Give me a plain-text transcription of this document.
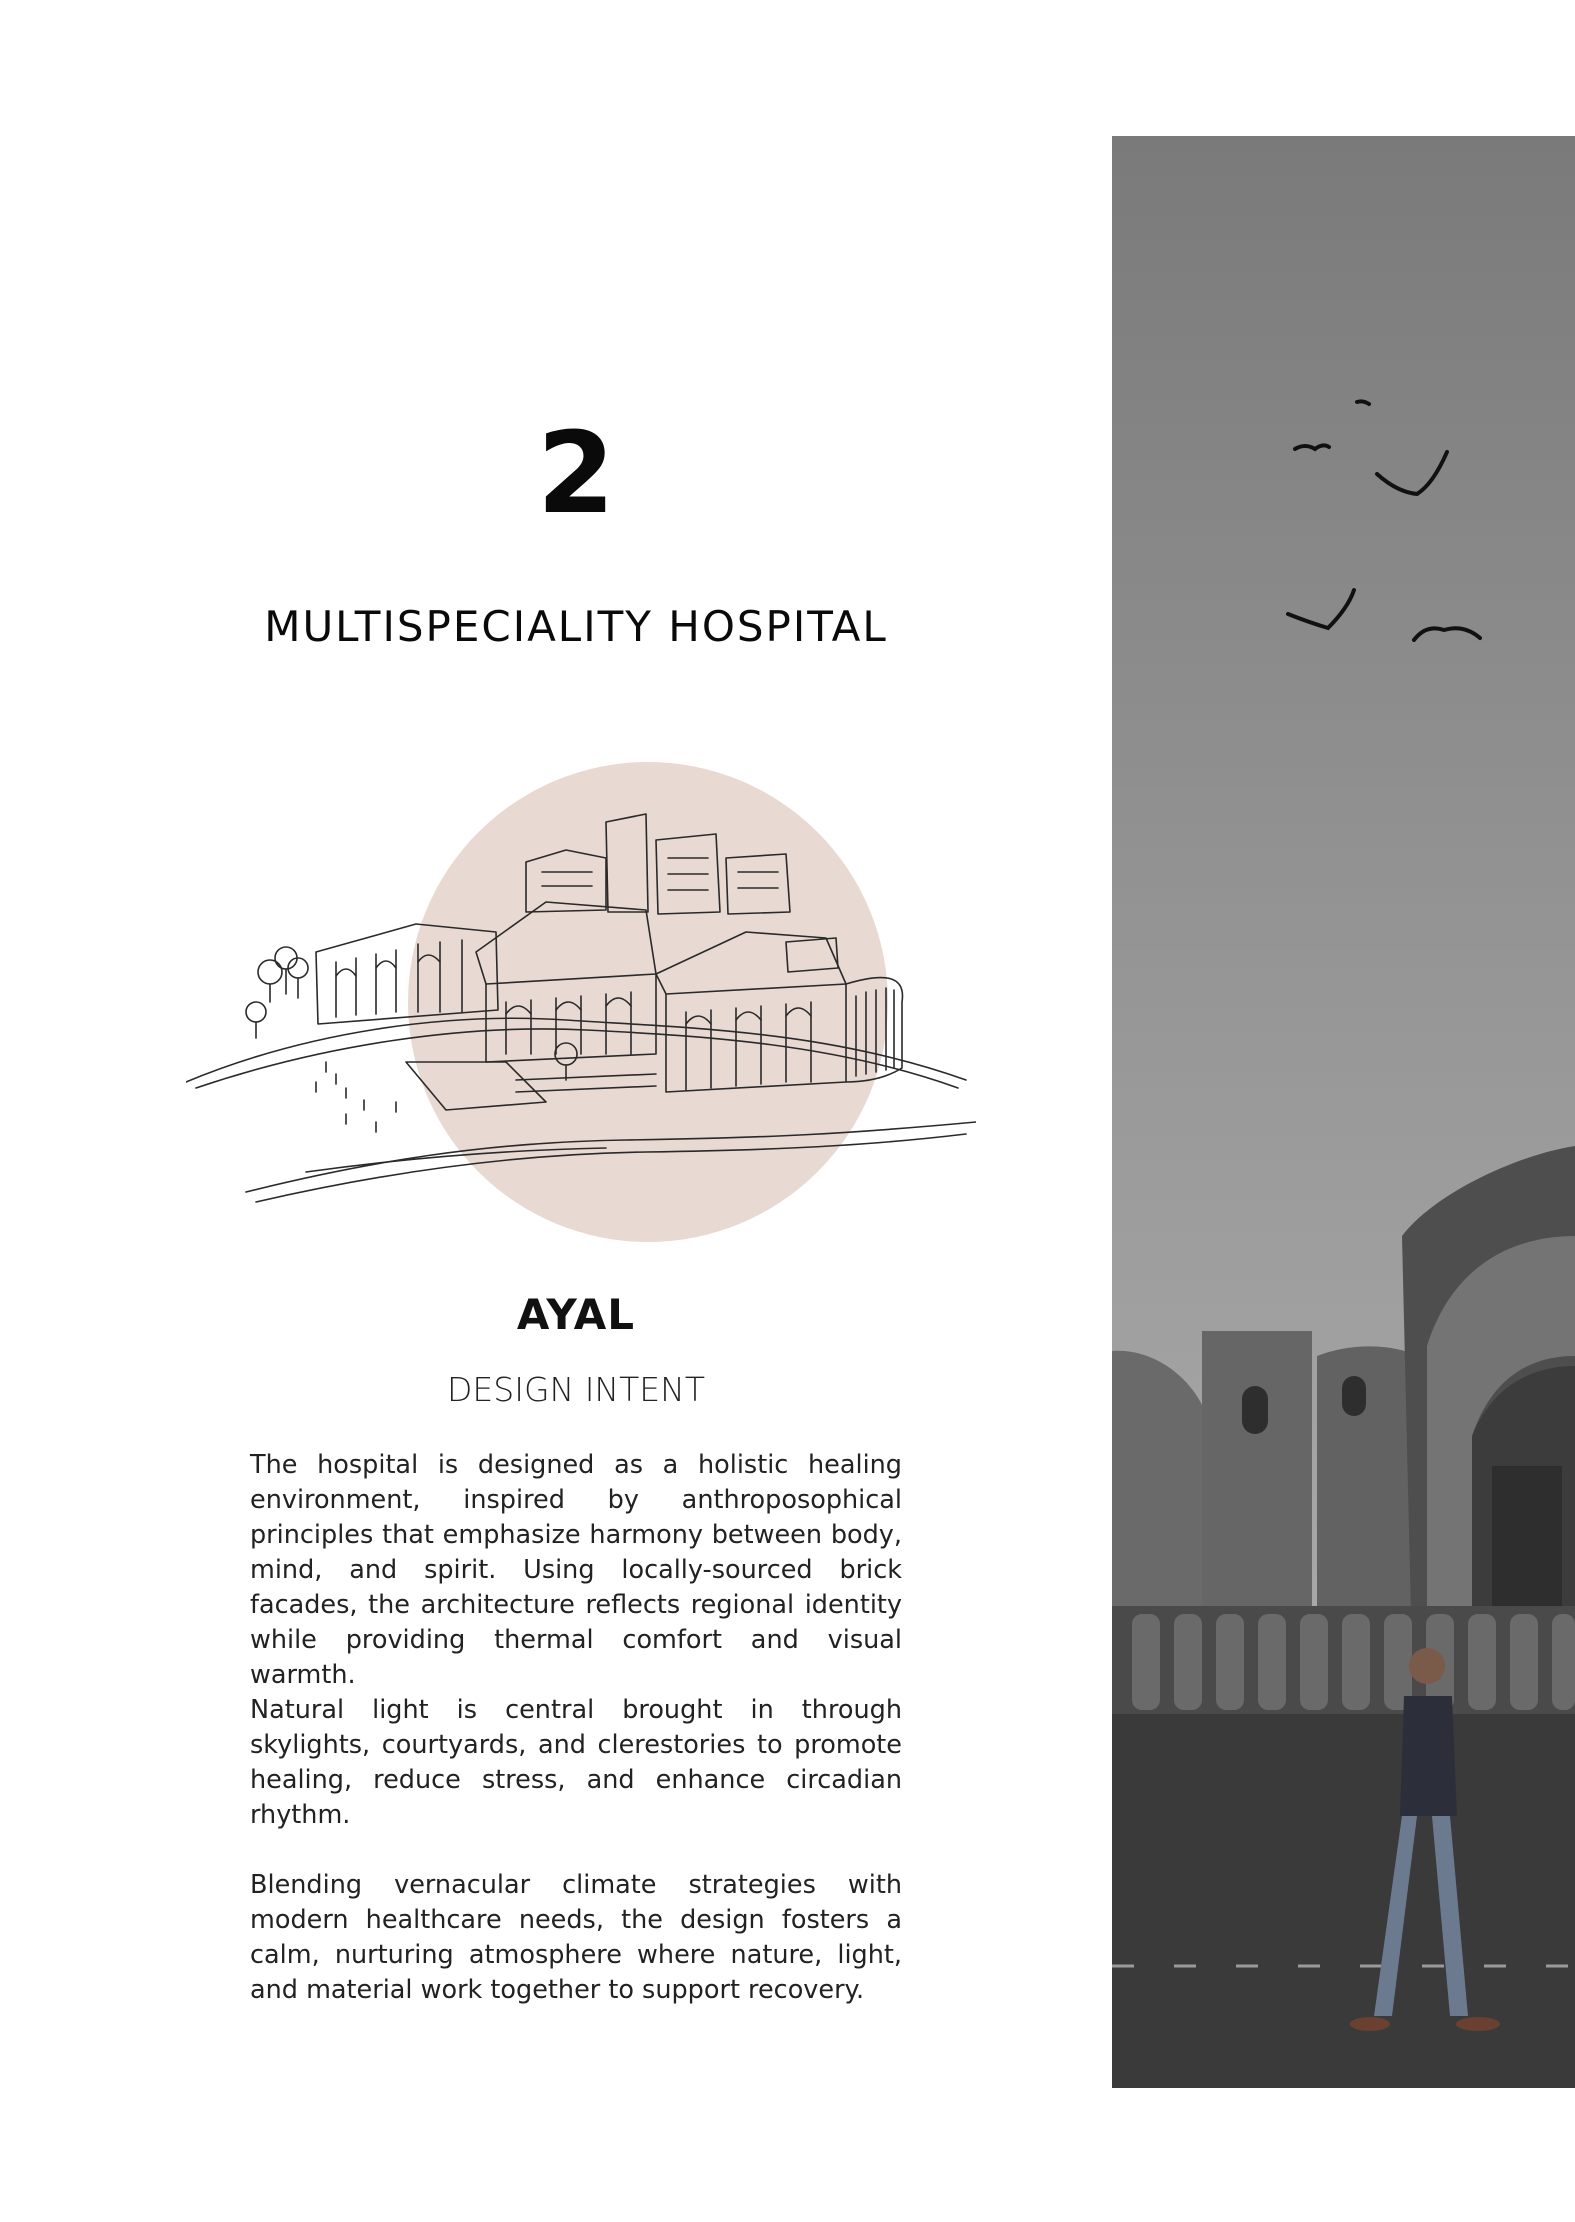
2
MULTISPECIALITY HOSPITAL
AYAL
DESIGN INTENT

The hospital is designed as a holistic healing environment, inspired by anthroposophical principles that emphasize harmony between body, mind, and spirit. Using locally-sourced brick facades, the architecture reflects regional identity while providing thermal comfort and visual warmth.

Natural light is central brought in through skylights, courtyards, and clerestories to promote healing, reduce stress, and enhance circadian rhythm.

Blending vernacular climate strategies with modern healthcare needs, the design fosters a calm, nurturing atmosphere where nature, light, and material work together to support recovery.
